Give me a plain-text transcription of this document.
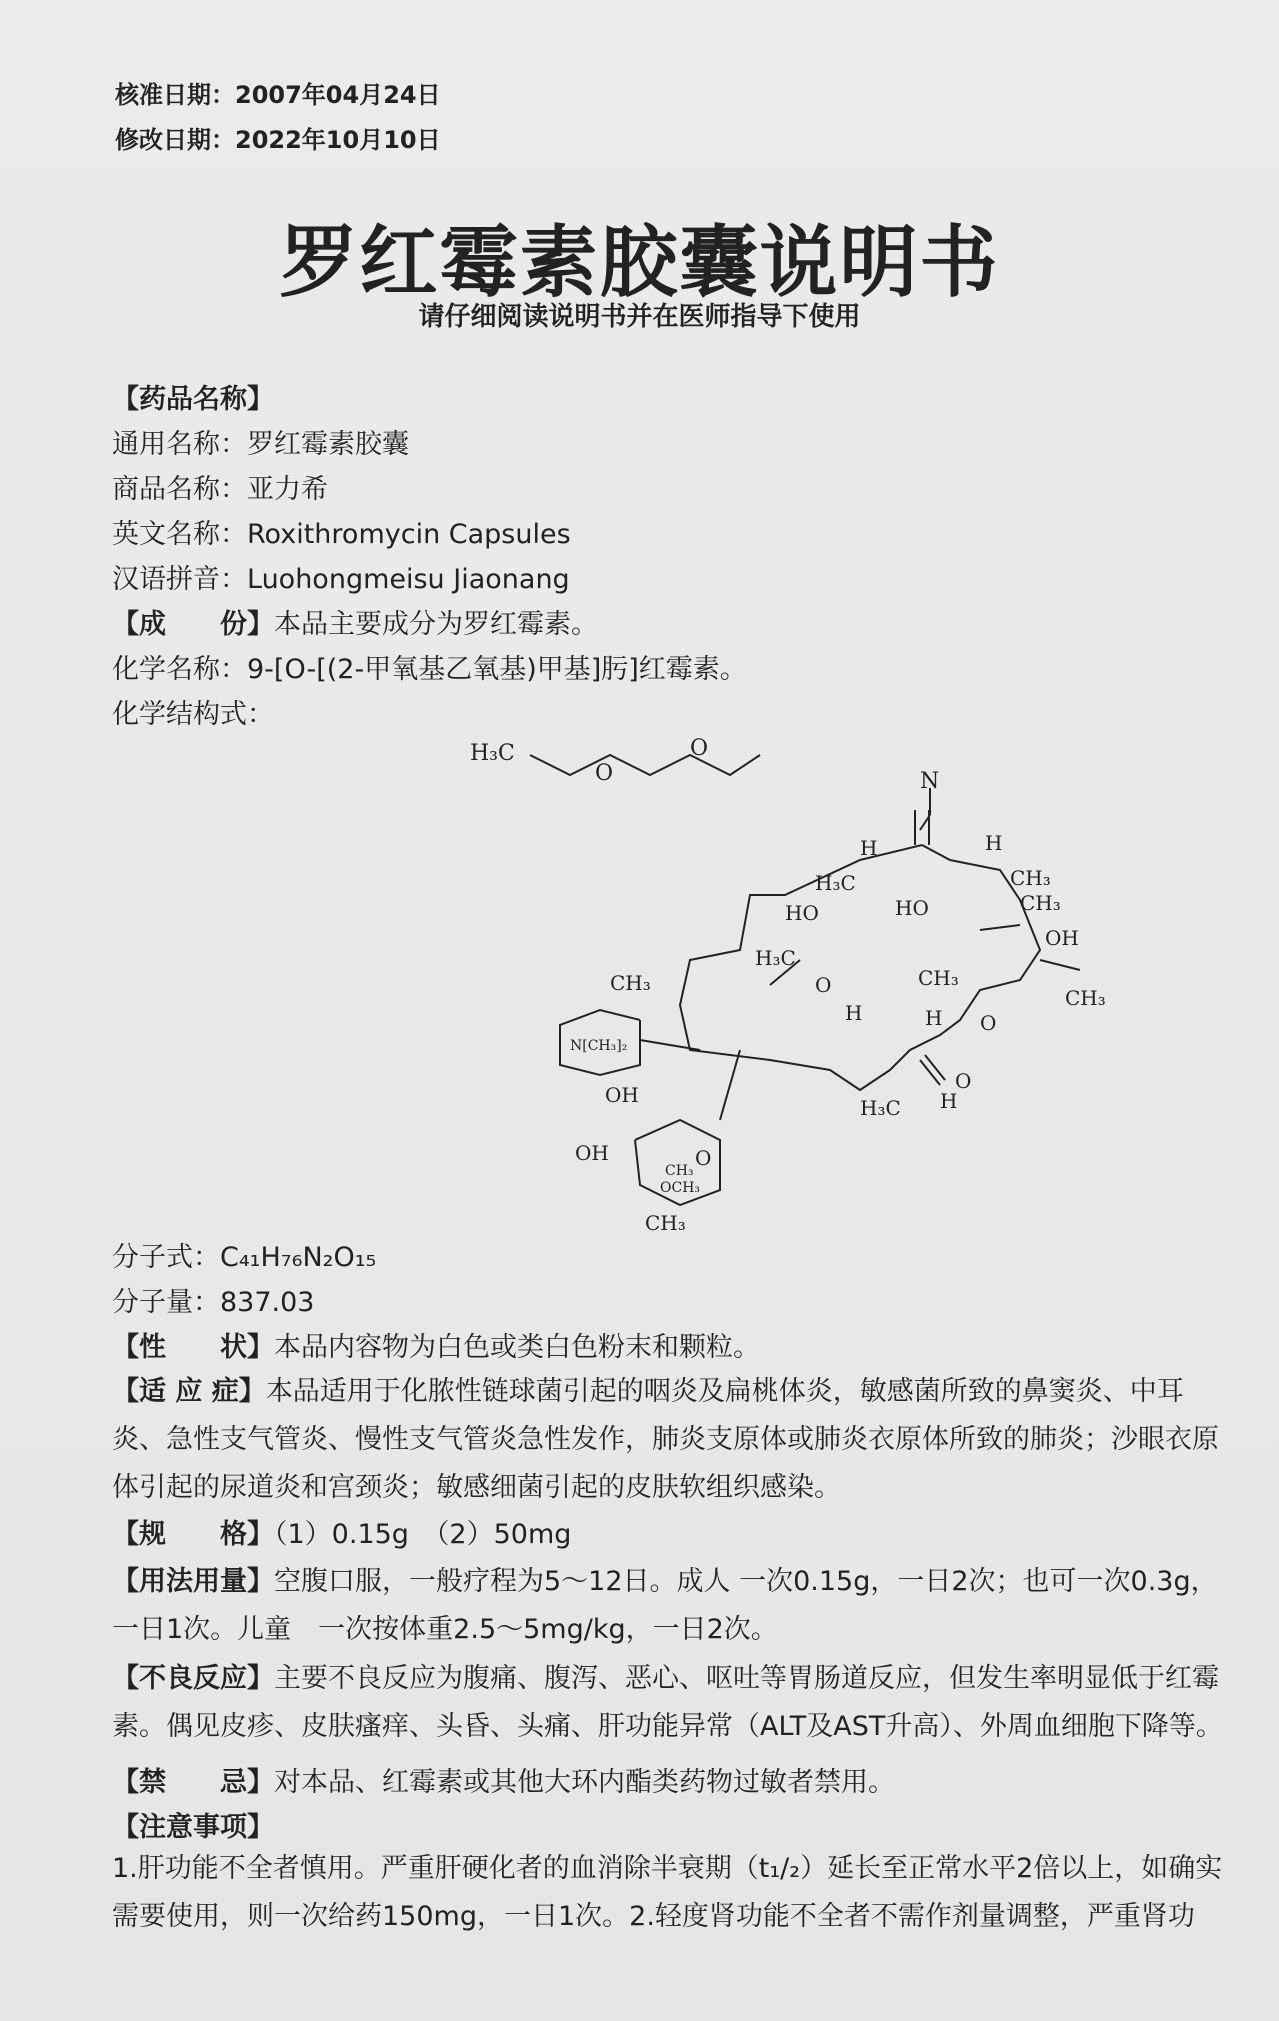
核准日期：2007年04月24日
修改日期：2022年10月10日
罗红霉素胶囊说明书
请仔细阅读说明书并在医师指导下使用
【药品名称】
通用名称：罗红霉素胶囊
商品名称：亚力希
英文名称：Roxithromycin Capsules
汉语拼音：Luohongmeisu Jiaonang
【成　　份】本品主要成分为罗红霉素。
化学名称：9-[O-[(2-甲氧基乙氧基)甲基]肟]红霉素。
化学结构式：
H₃C
O
O
N
H	H
H₃C	CH₃
HO	HO	CH₃
OH
H₃C
CH₃
CH₃
CH₃
N[CH₃]₂
O
H	H O
O
H₃C H
OH
OH	O
CH₃
OCH₃
CH₃
分子式：C₄₁H₇₆N₂O₁₅
分子量：837.03
【性　　状】本品内容物为白色或类白色粉末和颗粒。
【适 应 症】本品适用于化脓性链球菌引起的咽炎及扁桃体炎，敏感菌所致的鼻窦炎、中耳炎、急性支气管炎、慢性支气管炎急性发作，肺炎支原体或肺炎衣原体所致的肺炎；沙眼衣原体引起的尿道炎和宫颈炎；敏感细菌引起的皮肤软组织感染。
【规　　格】（1）0.15g　（2）50mg
【用法用量】空腹口服，一般疗程为5～12日。成人 一次0.15g，一日2次；也可一次0.3g，一日1次。儿童　一次按体重2.5～5mg/kg，一日2次。
【不良反应】主要不良反应为腹痛、腹泻、恶心、呕吐等胃肠道反应，但发生率明显低于红霉素。偶见皮疹、皮肤瘙痒、头昏、头痛、肝功能异常（ALT及AST升高）、外周血细胞下降等。
【禁　　忌】对本品、红霉素或其他大环内酯类药物过敏者禁用。
【注意事项】
1.肝功能不全者慎用。严重肝硬化者的血消除半衰期（t₁/₂）延长至正常水平2倍以上，如确实需要使用，则一次给药150mg，一日1次。2.轻度肾功能不全者不需作剂量调整，严重肾功
